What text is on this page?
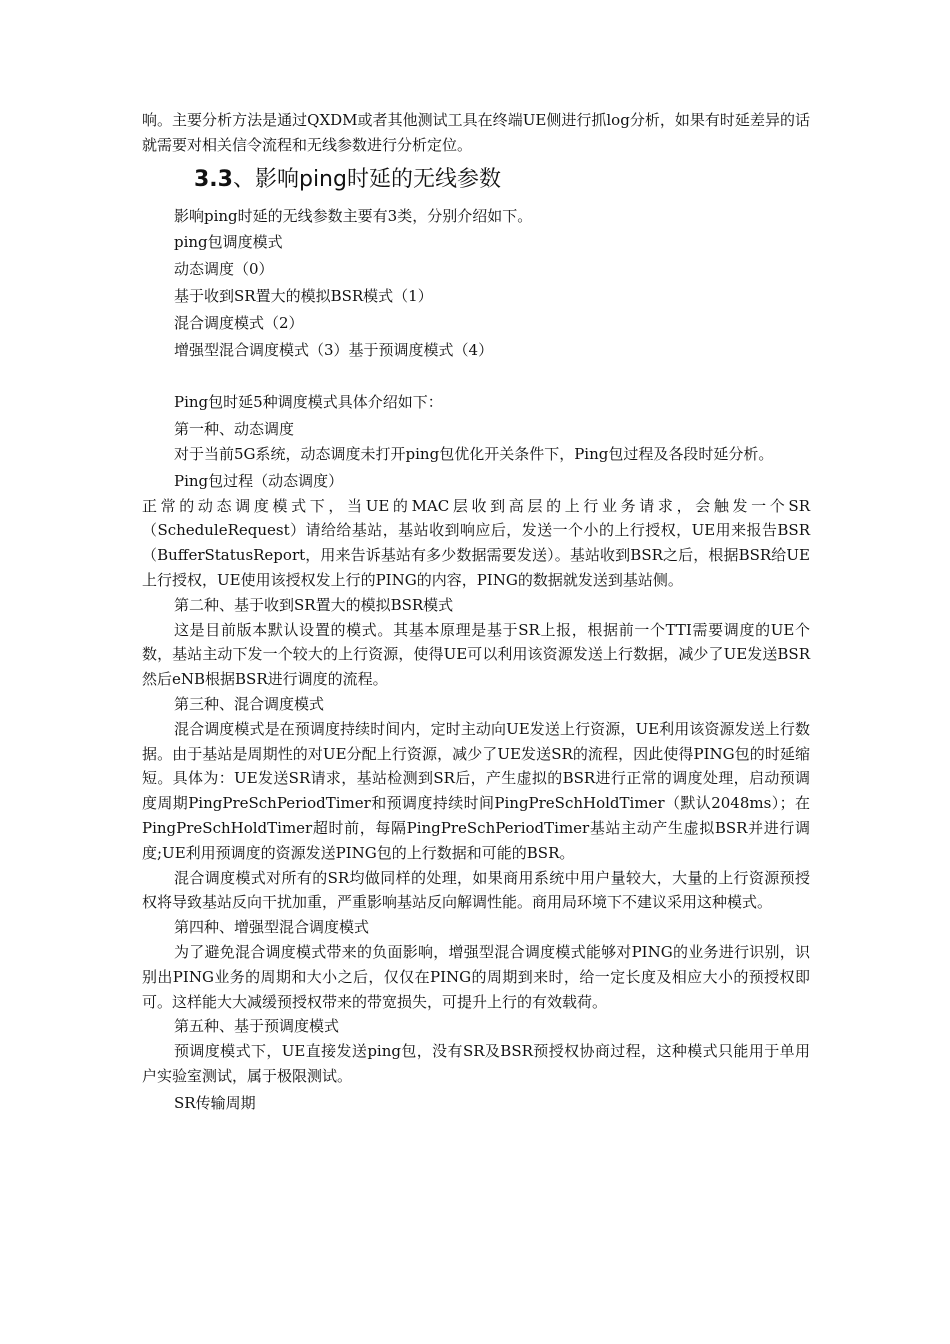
响。主要分析方法是通过QXDM或者其他测试工具在终端UE侧进行抓log分析，如果有时延差异的话就需要对相关信令流程和无线参数进行分析定位。

3.3、影响ping时延的无线参数

影响ping时延的无线参数主要有3类，分别介绍如下。

ping包调度模式

动态调度（0）

基于收到SR置大的模拟BSR模式（1）

混合调度模式（2）

增强型混合调度模式（3）基于预调度模式（4）

Ping包时延5种调度模式具体介绍如下：

第一种、动态调度

对于当前5G系统，动态调度未打开ping包优化开关条件下，Ping包过程及各段时延分析。

Ping包过程（动态调度）

正常的动态调度模式下，当UE的MAC层收到高层的上行业务请求，会触发一个SR（ScheduleRequest）请给给基站，基站收到响应后，发送一个小的上行授权，UE用来报告BSR（BufferStatusReport，用来告诉基站有多少数据需要发送）。基站收到BSR之后，根据BSR给UE上行授权，UE使用该授权发上行的PING的内容，PING的数据就发送到基站侧。

第二种、基于收到SR置大的模拟BSR模式

这是目前版本默认设置的模式。其基本原理是基于SR上报，根据前一个TTI需要调度的UE个数，基站主动下发一个较大的上行资源，使得UE可以利用该资源发送上行数据，减少了UE发送BSR然后eNB根据BSR进行调度的流程。

第三种、混合调度模式

混合调度模式是在预调度持续时间内，定时主动向UE发送上行资源，UE利用该资源发送上行数据。由于基站是周期性的对UE分配上行资源，减少了UE发送SR的流程，因此使得PING包的时延缩短。具体为：UE发送SR请求，基站检测到SR后，产生虚拟的BSR进行正常的调度处理，启动预调度周期PingPreSchPeriodTimer和预调度持续时间PingPreSchHoldTimer（默认2048ms）；在PingPreSchHoldTimer超时前，每隔PingPreSchPeriodTimer基站主动产生虚拟BSR并进行调度;UE利用预调度的资源发送PING包的上行数据和可能的BSR。

混合调度模式对所有的SR均做同样的处理，如果商用系统中用户量较大，大量的上行资源预授权将导致基站反向干扰加重，严重影响基站反向解调性能。商用局环境下不建议采用这种模式。

第四种、增强型混合调度模式

为了避免混合调度模式带来的负面影响，增强型混合调度模式能够对PING的业务进行识别，识别出PING业务的周期和大小之后，仅仅在PING的周期到来时，给一定长度及相应大小的预授权即可。这样能大大减缓预授权带来的带宽损失，可提升上行的有效载荷。

第五种、基于预调度模式

预调度模式下，UE直接发送ping包，没有SR及BSR预授权协商过程，这种模式只能用于单用户实验室测试，属于极限测试。

SR传输周期
